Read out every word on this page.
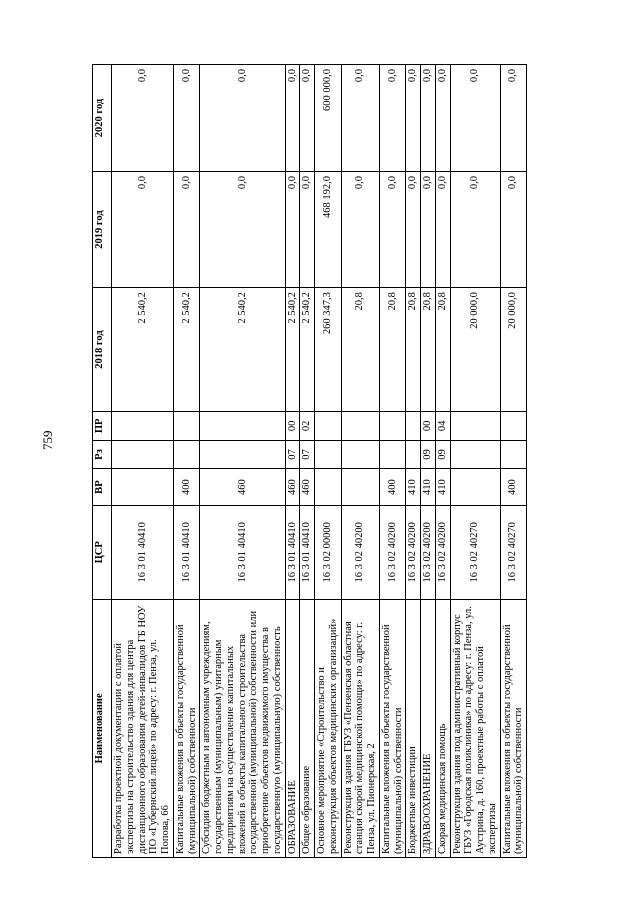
759
Наименование	ЦСР	ВР	Рз	ПР	2018 год	2019 год	2020 год
Разработка проектной документации с оплатой экспертизы на строительство здания для центра дистанционного образования детей-инвалидов ГБ НОУ ПО «Губернский лицей» по адресу: г. Пенза, ул. Попова, 66	16 3 01 40410				2 540,2	0,0	0,0
Капитальные вложения в объекты государственной (муниципальной) собственности	16 3 01 40410	400			2 540,2	0,0	0,0
Субсидии бюджетным и автономным учреждениям, государственным (муниципальным) унитарным предприятиям на осуществление капитальных вложений в объекты капитального строительства государственной (муниципальной) собственности или приобретение объектов недвижимого имущества в государственную (муниципальную) собственность	16 3 01 40410	460			2 540,2	0,0	0,0
ОБРАЗОВАНИЕ	16 3 01 40410	460	07	00	2 540,2	0,0	0,0
Общее образование	16 3 01 40410	460	07	02	2 540,2	0,0	0,0
Основное мероприятие «Строительство и реконструкция объектов медицинских организаций»	16 3 02 00000				260 347,3	468 192,0	600 000,0
Реконструкция здания ГБУЗ «Пензенская областная станция скорой медицинской помощи» по адресу: г. Пенза, ул. Пионерская, 2	16 3 02 40200				20,8	0,0	0,0
Капитальные вложения в объекты государственной (муниципальной) собственности	16 3 02 40200	400			20,8	0,0	0,0
Бюджетные инвестиции	16 3 02 40200	410			20,8	0,0	0,0
ЗДРАВООХРАНЕНИЕ	16 3 02 40200	410	09	00	20,8	0,0	0,0
Скорая медицинская помощь	16 3 02 40200	410	09	04	20,8	0,0	0,0
Реконструкция здания под административный корпус ГБУЗ «Городская поликлиника» по адресу: г. Пенза, ул. Аустрина, д. 160, проектные работы с оплатой экспертизы	16 3 02 40270				20 000,0	0,0	0,0
Капитальные вложения в объекты государственной (муниципальной) собственности	16 3 02 40270	400			20 000,0	0,0	0,0
